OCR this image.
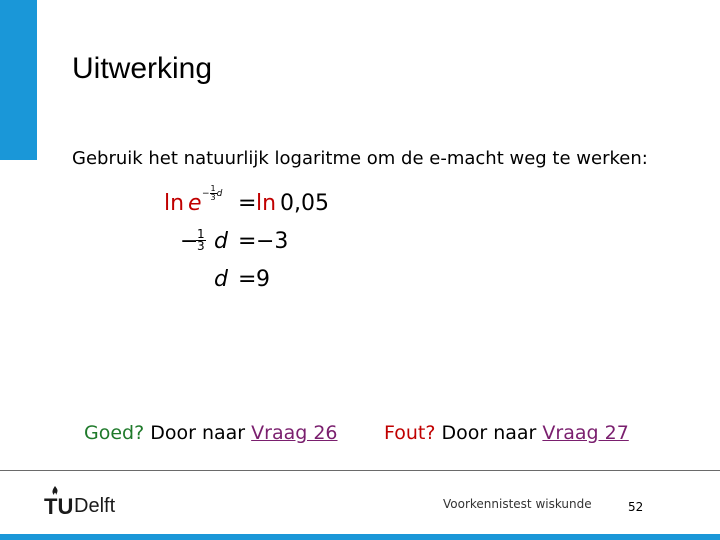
Uitwerking
Gebruik het natuurlijk logaritme om de e-macht weg te werken:
$\ln e - \frac{1}{3}$ d = ln 0,05
−
$\frac{1}{3}$ d = −3
d = 9
Goed? Door naar Vraag 26 Fout? Door naar Vraag 27
TU Delft	Voorkennistest wiskunde	52
